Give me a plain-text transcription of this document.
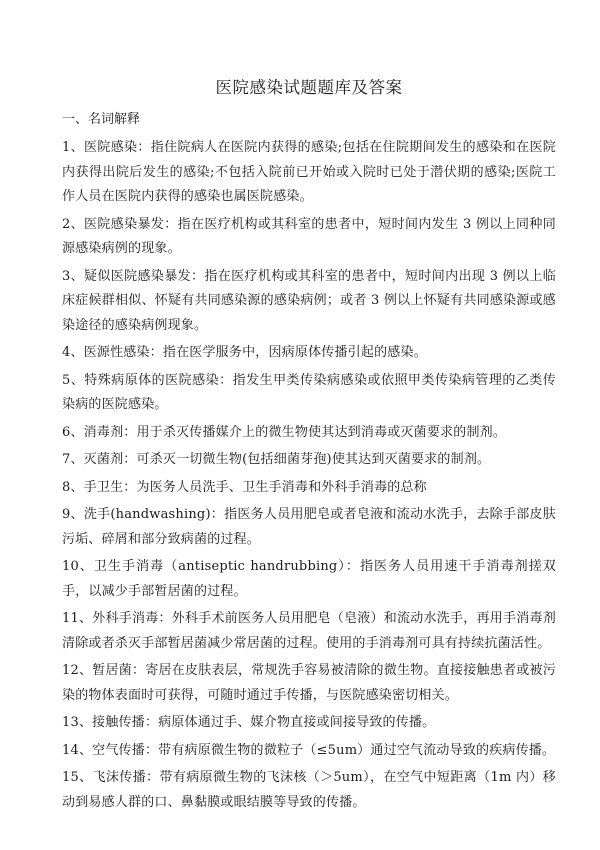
医院感染试题题库及答案
一、名词解释

1、医院感染：指住院病人在医院内获得的感染;包括在住院期间发生的感染和在医院内获得出院后发生的感染;不包括入院前已开始或入院时已处于潜伏期的感染;医院工作人员在医院内获得的感染也属医院感染。

2、医院感染暴发：指在医疗机构或其科室的患者中，短时间内发生 3 例以上同种同源感染病例的现象。

3、疑似医院感染暴发：指在医疗机构或其科室的患者中，短时间内出现 3 例以上临床症候群相似、怀疑有共同感染源的感染病例；或者 3 例以上怀疑有共同感染源或感染途径的感染病例现象。

4、医源性感染：指在医学服务中，因病原体传播引起的感染。

5、特殊病原体的医院感染：指发生甲类传染病感染或依照甲类传染病管理的乙类传染病的医院感染。

6、消毒剂：用于杀灭传播媒介上的微生物使其达到消毒或灭菌要求的制剂。

7、灭菌剂：可杀灭一切微生物(包括细菌芽孢)使其达到灭菌要求的制剂。

8、手卫生：为医务人员洗手、卫生手消毒和外科手消毒的总称

9、洗手(handwashing)：指医务人员用肥皂或者皂液和流动水洗手，去除手部皮肤污垢、碎屑和部分致病菌的过程。

10、卫生手消毒（antiseptic handrubbing）：指医务人员用速干手消毒剂搓双手，以减少手部暂居菌的过程。

11、外科手消毒：外科手术前医务人员用肥皂（皂液）和流动水洗手，再用手消毒剂清除或者杀灭手部暂居菌减少常居菌的过程。使用的手消毒剂可具有持续抗菌活性。

12、暂居菌：寄居在皮肤表层，常规洗手容易被清除的微生物。直接接触患者或被污染的物体表面时可获得，可随时通过手传播，与医院感染密切相关。

13、接触传播：病原体通过手、媒介物直接或间接导致的传播。

14、空气传播：带有病原微生物的微粒子（≤5um）通过空气流动导致的疾病传播。

15、飞沫传播：带有病原微生物的飞沫核（＞5um），在空气中短距离（1m 内）移动到易感人群的口、鼻黏膜或眼结膜等导致的传播。
